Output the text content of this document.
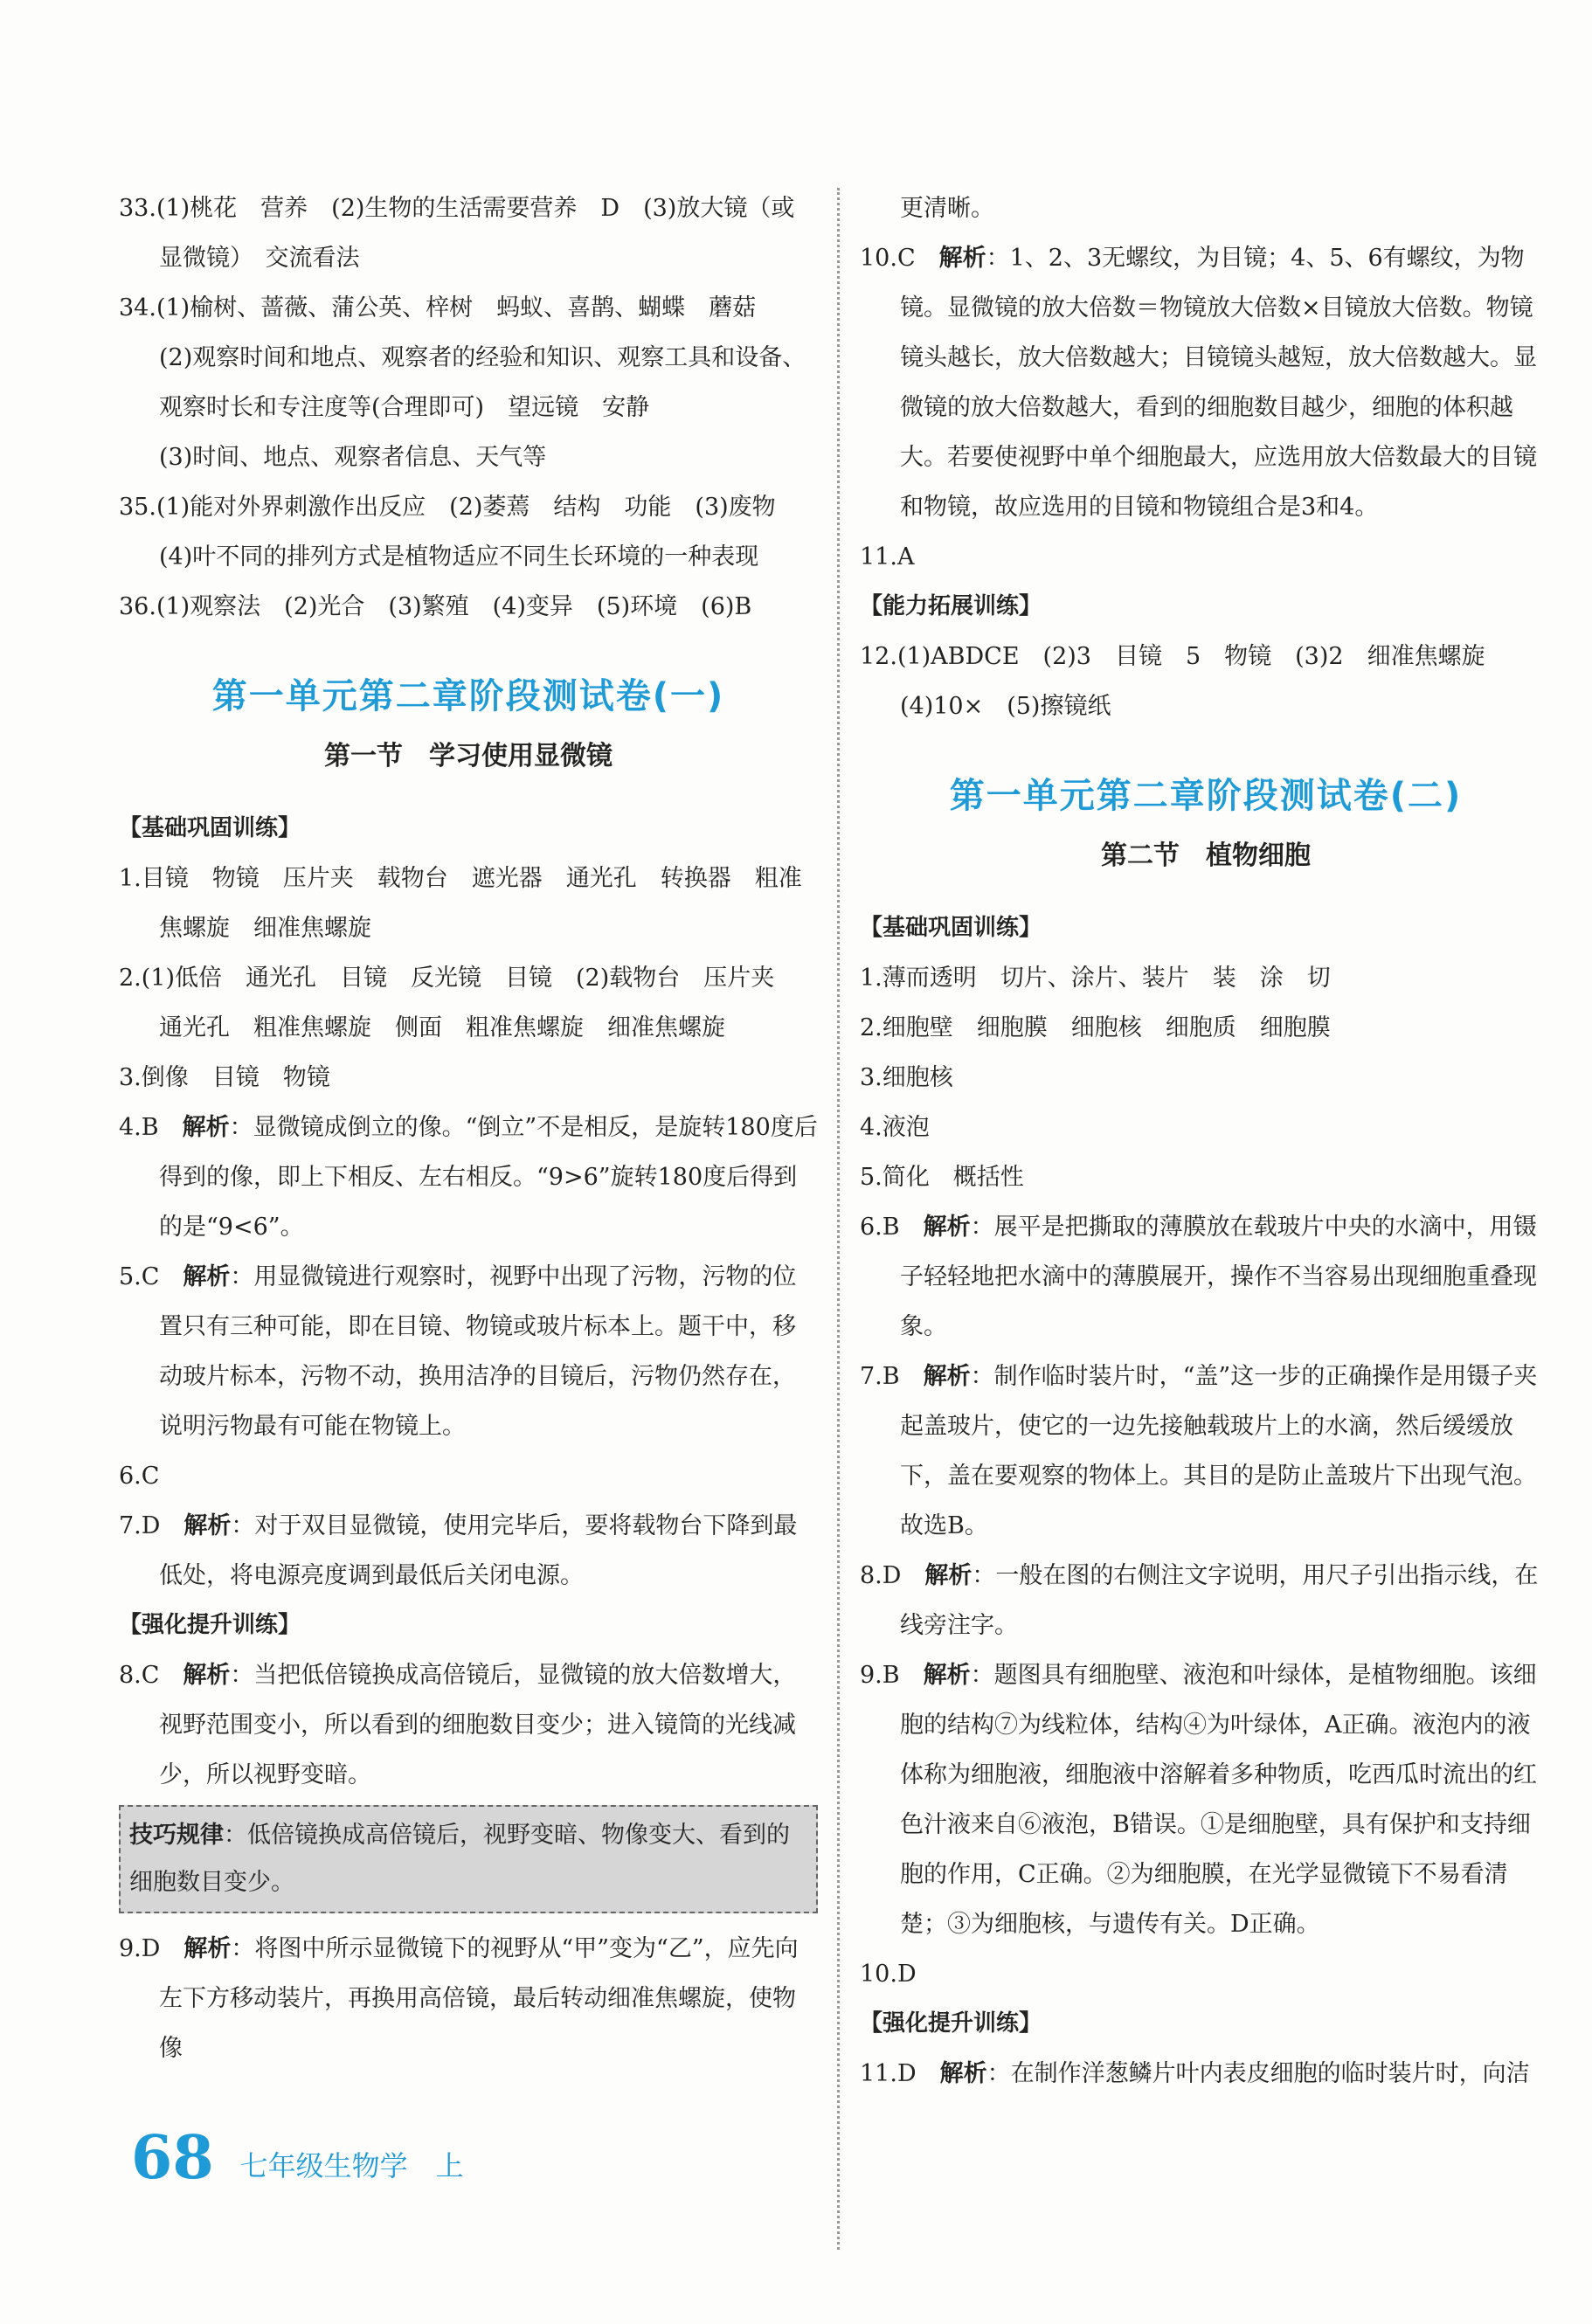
33.(1)桃花　营养　(2)生物的生活需要营养　D　(3)放大镜（或显微镜）　交流看法

34.(1)榆树、蔷薇、蒲公英、梓树　蚂蚁、喜鹊、蝴蝶　蘑菇

(2)观察时间和地点、观察者的经验和知识、观察工具和设备、观察时长和专注度等(合理即可)　望远镜　安静

(3)时间、地点、观察者信息、天气等

35.(1)能对外界刺激作出反应　(2)萎蔫　结构　功能　(3)废物　(4)叶不同的排列方式是植物适应不同生长环境的一种表现

36.(1)观察法　(2)光合　(3)繁殖　(4)变异　(5)环境　(6)B

第一单元第二章阶段测试卷(一)
第一节　学习使用显微镜
【基础巩固训练】

1.目镜　物镜　压片夹　载物台　遮光器　通光孔　转换器　粗准焦螺旋　细准焦螺旋

2.(1)低倍　通光孔　目镜　反光镜　目镜　(2)载物台　压片夹　通光孔　粗准焦螺旋　侧面　粗准焦螺旋　细准焦螺旋

3.倒像　目镜　物镜

4.B　解析：显微镜成倒立的像。“倒立”不是相反，是旋转180度后得到的像，即上下相反、左右相反。“9>6”旋转180度后得到的是“9<6”。

5.C　解析：用显微镜进行观察时，视野中出现了污物，污物的位置只有三种可能，即在目镜、物镜或玻片标本上。题干中，移动玻片标本，污物不动，换用洁净的目镜后，污物仍然存在，说明污物最有可能在物镜上。

6.C

7.D　解析：对于双目显微镜，使用完毕后，要将载物台下降到最低处，将电源亮度调到最低后关闭电源。

【强化提升训练】

8.C　解析：当把低倍镜换成高倍镜后，显微镜的放大倍数增大，视野范围变小，所以看到的细胞数目变少；进入镜筒的光线减少，所以视野变暗。

技巧规律：低倍镜换成高倍镜后，视野变暗、物像变大、看到的细胞数目变少。

9.D　解析：将图中所示显微镜下的视野从“甲”变为“乙”，应先向左下方移动装片，再换用高倍镜，最后转动细准焦螺旋，使物像

更清晰。

10.C　解析：1、2、3无螺纹，为目镜；4、5、6有螺纹，为物镜。显微镜的放大倍数＝物镜放大倍数×目镜放大倍数。物镜镜头越长，放大倍数越大；目镜镜头越短，放大倍数越大。显微镜的放大倍数越大，看到的细胞数目越少，细胞的体积越大。若要使视野中单个细胞最大，应选用放大倍数最大的目镜和物镜，故应选用的目镜和物镜组合是3和4。

11.A

【能力拓展训练】

12.(1)ABDCE　(2)3　目镜　5　物镜　(3)2　细准焦螺旋　(4)10×　(5)擦镜纸

第一单元第二章阶段测试卷(二)
第二节　植物细胞
【基础巩固训练】

1.薄而透明　切片、涂片、装片　装　涂　切

2.细胞壁　细胞膜　细胞核　细胞质　细胞膜

3.细胞核

4.液泡

5.简化　概括性

6.B　解析：展平是把撕取的薄膜放在载玻片中央的水滴中，用镊子轻轻地把水滴中的薄膜展开，操作不当容易出现细胞重叠现象。

7.B　解析：制作临时装片时，“盖”这一步的正确操作是用镊子夹起盖玻片，使它的一边先接触载玻片上的水滴，然后缓缓放下，盖在要观察的物体上。其目的是防止盖玻片下出现气泡。故选B。

8.D　解析：一般在图的右侧注文字说明，用尺子引出指示线，在线旁注字。

9.B　解析：题图具有细胞壁、液泡和叶绿体，是植物细胞。该细胞的结构⑦为线粒体，结构④为叶绿体，A正确。液泡内的液体称为细胞液，细胞液中溶解着多种物质，吃西瓜时流出的红色汁液来自⑥液泡，B错误。①是细胞壁，具有保护和支持细胞的作用，C正确。②为细胞膜，在光学显微镜下不易看清楚；③为细胞核，与遗传有关。D正确。

10.D

【强化提升训练】

11.D　解析：在制作洋葱鳞片叶内表皮细胞的临时装片时，向洁

68 七年级生物学　上
